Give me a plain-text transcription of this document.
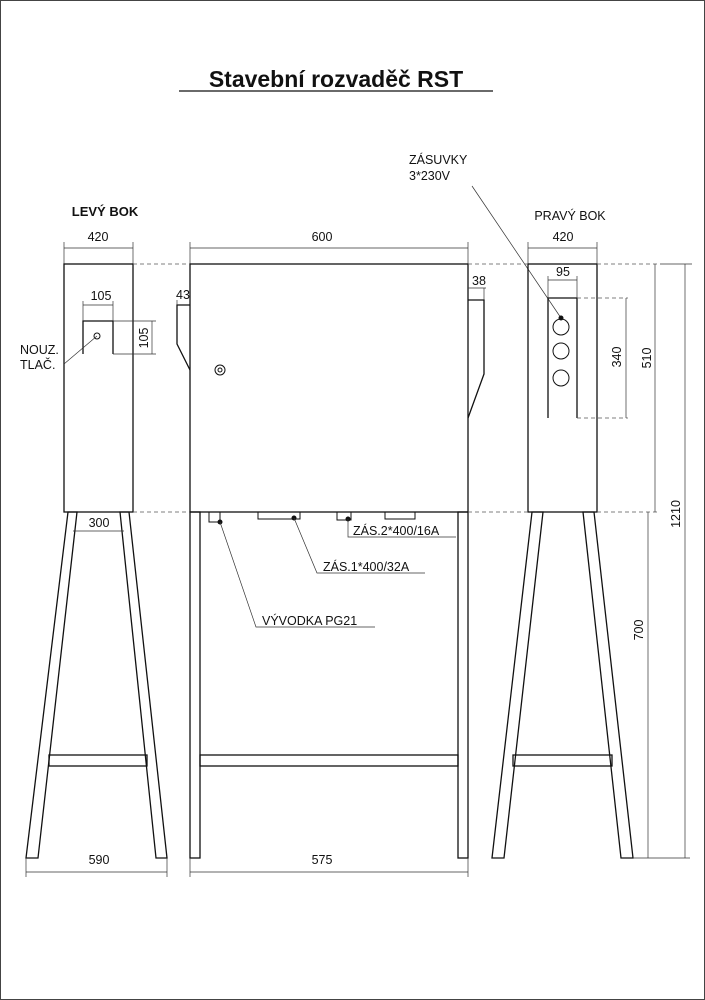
Stavební rozvaděč RST
LEVÝ BOK
420
105
105
NOUZ.
TLAČ.
300
590
600
43
38
ZÁS.2*400/16A
ZÁS.1*400/32A
VÝVODKA PG21
575
PRAVÝ BOK
ZÁSUVKY
3*230V
420
95
340 510
700
1210
